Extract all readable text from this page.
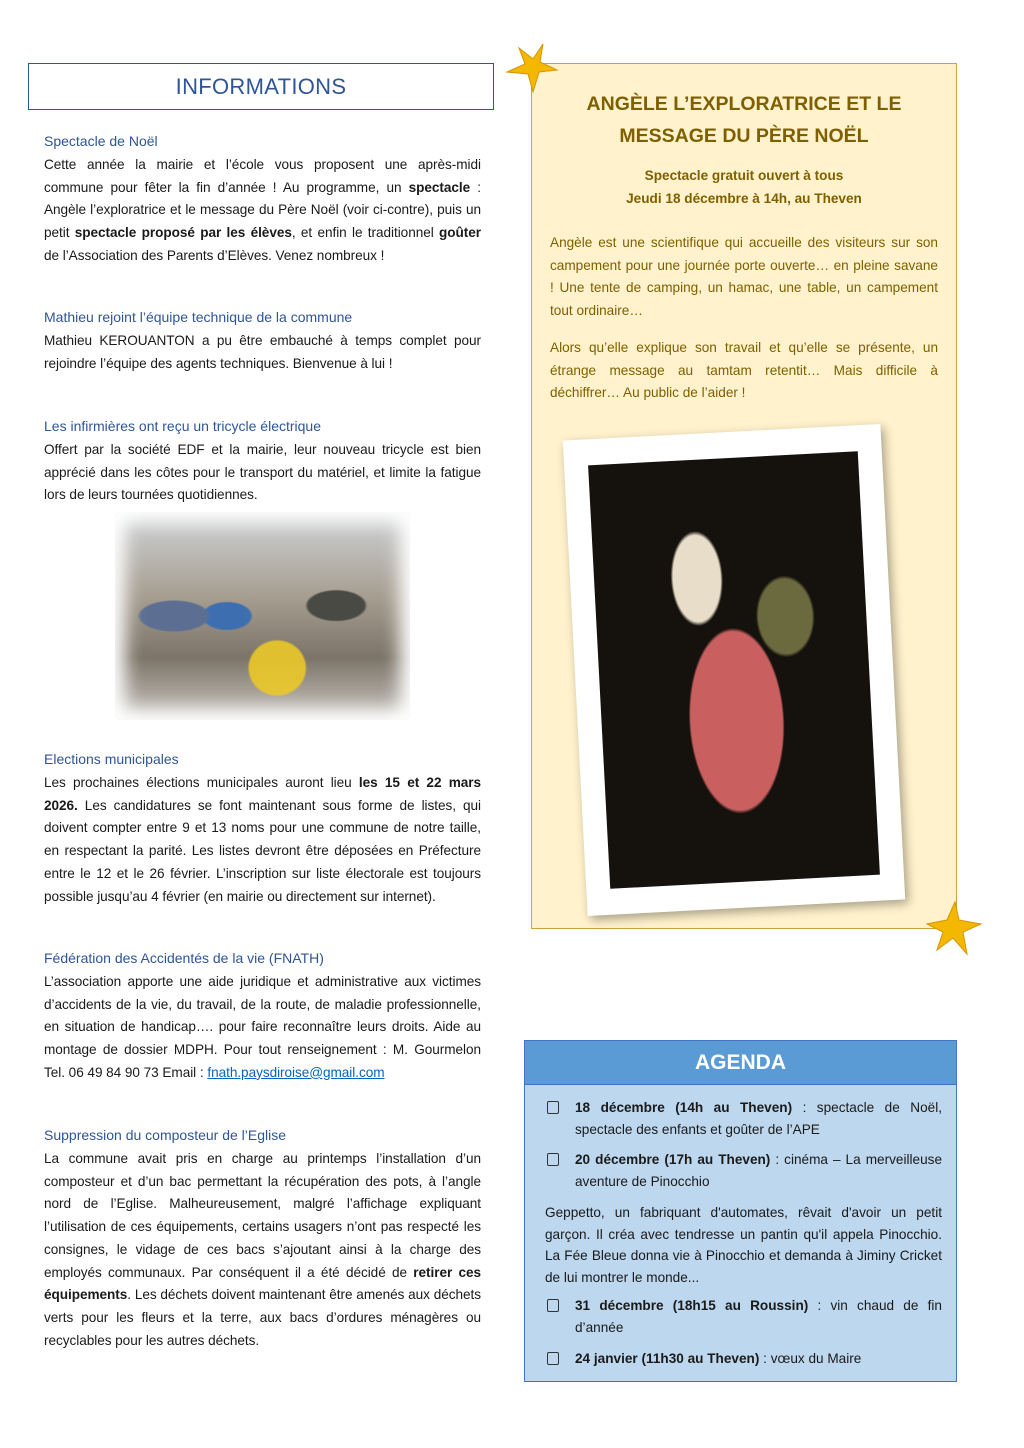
INFORMATIONS
Spectacle de Noël

Cette année la mairie et l’école vous proposent une après-midi commune pour fêter la fin d’année ! Au programme, un spectacle : Angèle l’exploratrice et le message du Père Noël (voir ci-contre), puis un petit spectacle proposé par les élèves, et enfin le traditionnel goûter de l’Association des Parents d’Elèves. Venez nombreux !

Mathieu rejoint l’équipe technique de la commune

Mathieu KEROUANTON a pu être embauché à temps complet pour rejoindre l’équipe des agents techniques. Bienvenue à lui !

Les infirmières ont reçu un tricycle électrique

Offert par la société EDF et la mairie, leur nouveau tricycle est bien apprécié dans les côtes pour le transport du matériel, et limite la fatigue lors de leurs tournées quotidiennes.

Elections municipales

Les prochaines élections municipales auront lieu les 15 et 22 mars 2026. Les candidatures se font maintenant sous forme de listes, qui doivent compter entre 9 et 13 noms pour une commune de notre taille, en respectant la parité. Les listes devront être déposées en Préfecture entre le 12 et le 26 février. L’inscription sur liste électorale est toujours possible jusqu’au 4 février (en mairie ou directement sur internet).

Fédération des Accidentés de la vie (FNATH)

L’association apporte une aide juridique et administrative aux victimes d’accidents de la vie, du travail, de la route, de maladie professionnelle, en situation de handicap…. pour faire reconnaître leurs droits. Aide au montage de dossier MDPH. Pour tout renseignement : M. Gourmelon Tel. 06 49 84 90 73 Email : fnath.paysdiroise@gmail.com

Suppression du composteur de l’Eglise

La commune avait pris en charge au printemps l’installation d’un composteur et d’un bac permettant la récupération des pots, à l’angle nord de l’Eglise. Malheureusement, malgré l’affichage expliquant l’utilisation de ces équipements, certains usagers n’ont pas respecté les consignes, le vidage de ces bacs s’ajoutant ainsi à la charge des employés communaux. Par conséquent il a été décidé de retirer ces équipements. Les déchets doivent maintenant être amenés aux déchets verts pour les fleurs et la terre, aux bacs d’ordures ménagères ou recyclables pour les autres déchets.

ANGÈLE L’EXPLORATRICE ET LE
MESSAGE DU PÈRE NOËL
Spectacle gratuit ouvert à tous
Jeudi 18 décembre à 14h, au Theven

Angèle est une scientifique qui accueille des visiteurs sur son campement pour une journée porte ouverte… en pleine savane ! Une tente de camping, un hamac, une table, un campement tout ordinaire…

Alors qu’elle explique son travail et qu’elle se présente, un étrange message au tamtam retentit… Mais difficile à déchiffrer… Au public de l’aider !

AGENDA
18 décembre (14h au Theven) : spectacle de Noël, spectacle des enfants et goûter de l’APE
20 décembre (17h au Theven) : cinéma – La merveilleuse aventure de Pinocchio

Geppetto, un fabriquant d'automates, rêvait d'avoir un petit garçon. Il créa avec tendresse un pantin qu'il appela Pinocchio. La Fée Bleue donna vie à Pinocchio et demanda à Jiminy Cricket de lui montrer le monde...

31 décembre (18h15 au Roussin) : vin chaud de fin d’année
24 janvier (11h30 au Theven) : vœux du Maire
